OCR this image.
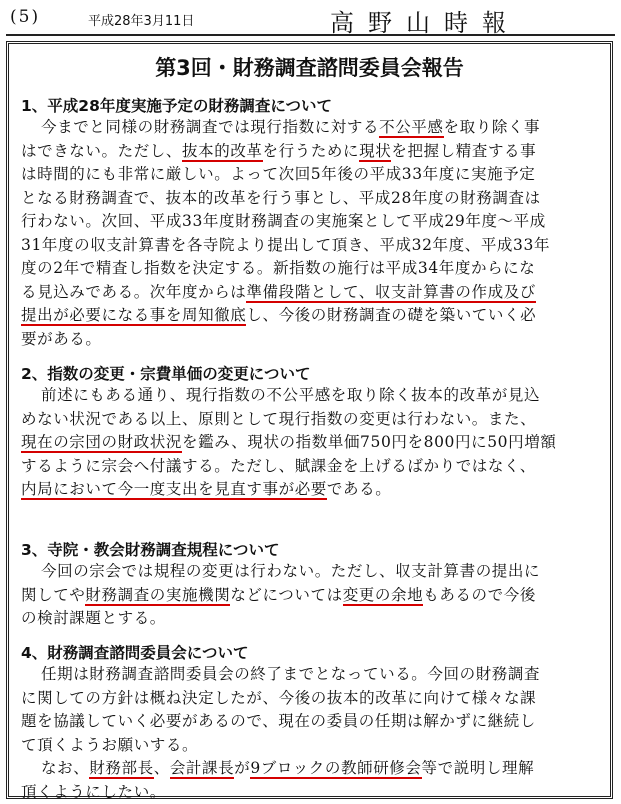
(5)	平成28年3月11日	高野山時報
第3回・財務調査諮問委員会報告
1、平成28年度実施予定の財務調査について
今までと同様の財務調査では現行指数に対する不公平感を取り除く事
はできない。ただし、抜本的改革を行うために現状を把握し精査する事
は時間的にも非常に厳しい。よって次回5年後の平成33年度に実施予定
となる財務調査で、抜本的改革を行う事とし、平成28年度の財務調査は
行わない。次回、平成33年度財務調査の実施案として平成29年度〜平成
31年度の収支計算書を各寺院より提出して頂き、平成32年度、平成33年
度の2年で精査し指数を決定する。新指数の施行は平成34年度からにな
る見込みである。次年度からは準備段階として、収支計算書の作成及び
提出が必要になる事を周知徹底し、今後の財務調査の礎を築いていく必
要がある。
2、指数の変更・宗費単価の変更について
前述にもある通り、現行指数の不公平感を取り除く抜本的改革が見込
めない状況である以上、原則として現行指数の変更は行わない。また、
現在の宗団の財政状況を鑑み、現状の指数単価750円を800円に50円増額
するように宗会へ付議する。ただし、賦課金を上げるばかりではなく、
内局において今一度支出を見直す事が必要である。
3、寺院・教会財務調査規程について
今回の宗会では規程の変更は行わない。ただし、収支計算書の提出に
関してや財務調査の実施機関などについては変更の余地もあるので今後
の検討課題とする。
4、財務調査諮問委員会について
任期は財務調査諮問委員会の終了までとなっている。今回の財務調査
に関しての方針は概ね決定したが、今後の抜本的改革に向けて様々な課
題を協議していく必要があるので、現在の委員の任期は解かずに継続し
て頂くようお願いする。
なお、財務部長、会計課長が9ブロックの教師研修会等で説明し理解
頂くようにしたい。
